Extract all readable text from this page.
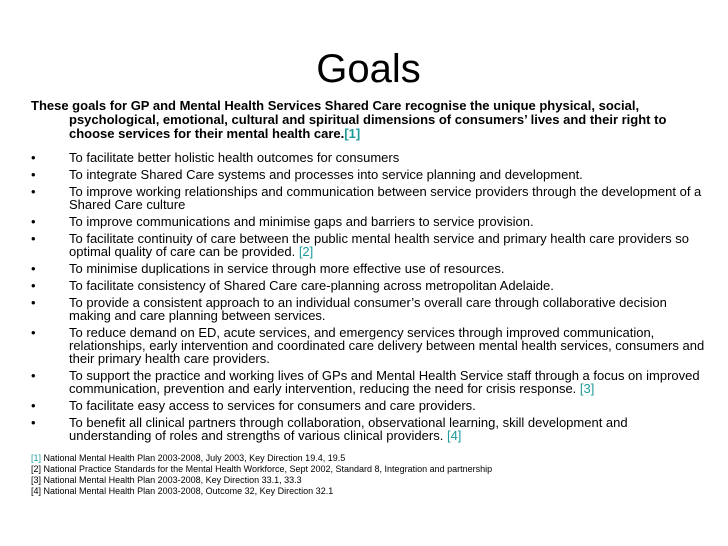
Goals

These goals for GP and Mental Health Services Shared Care recognise the unique physical, social, psychological, emotional, cultural and spiritual dimensions of consumers’ lives and their right to choose services for their mental health care.[1]

•	To facilitate better holistic health outcomes for consumers
•	To integrate Shared Care systems and processes into service planning and development.
•	To improve working relationships and communication between service providers through the development of a Shared Care culture
•	To improve communications and minimise gaps and barriers to service provision.
•	To facilitate continuity of care between the public mental health service and primary health care providers so optimal quality of care can be provided. [2]
•	To minimise duplications in service through more effective use of resources.
•	To facilitate consistency of Shared Care care-planning across metropolitan Adelaide.
•	To provide a consistent approach to an individual consumer’s overall care through collaborative decision making and care planning between services.
•	To reduce demand on ED, acute services, and emergency services through improved communication, relationships, early intervention and coordinated care delivery between mental health services, consumers and their primary health care providers.
•	To support the practice and working lives of GPs and Mental Health Service staff through a focus on improved communication, prevention and early intervention, reducing the need for crisis response. [3]
•	To facilitate easy access to services for consumers and care providers.
•	To benefit all clinical partners through collaboration, observational learning, skill development and understanding of roles and strengths of various clinical providers. [4]

[1] National Mental Health Plan 2003-2008, July 2003, Key Direction 19.4, 19.5

[2] National Practice Standards for the Mental Health Workforce, Sept 2002, Standard 8, Integration and partnership

[3] National Mental Health Plan 2003-2008, Key Direction 33.1, 33.3

[4] National Mental Health Plan 2003-2008, Outcome 32, Key Direction 32.1
